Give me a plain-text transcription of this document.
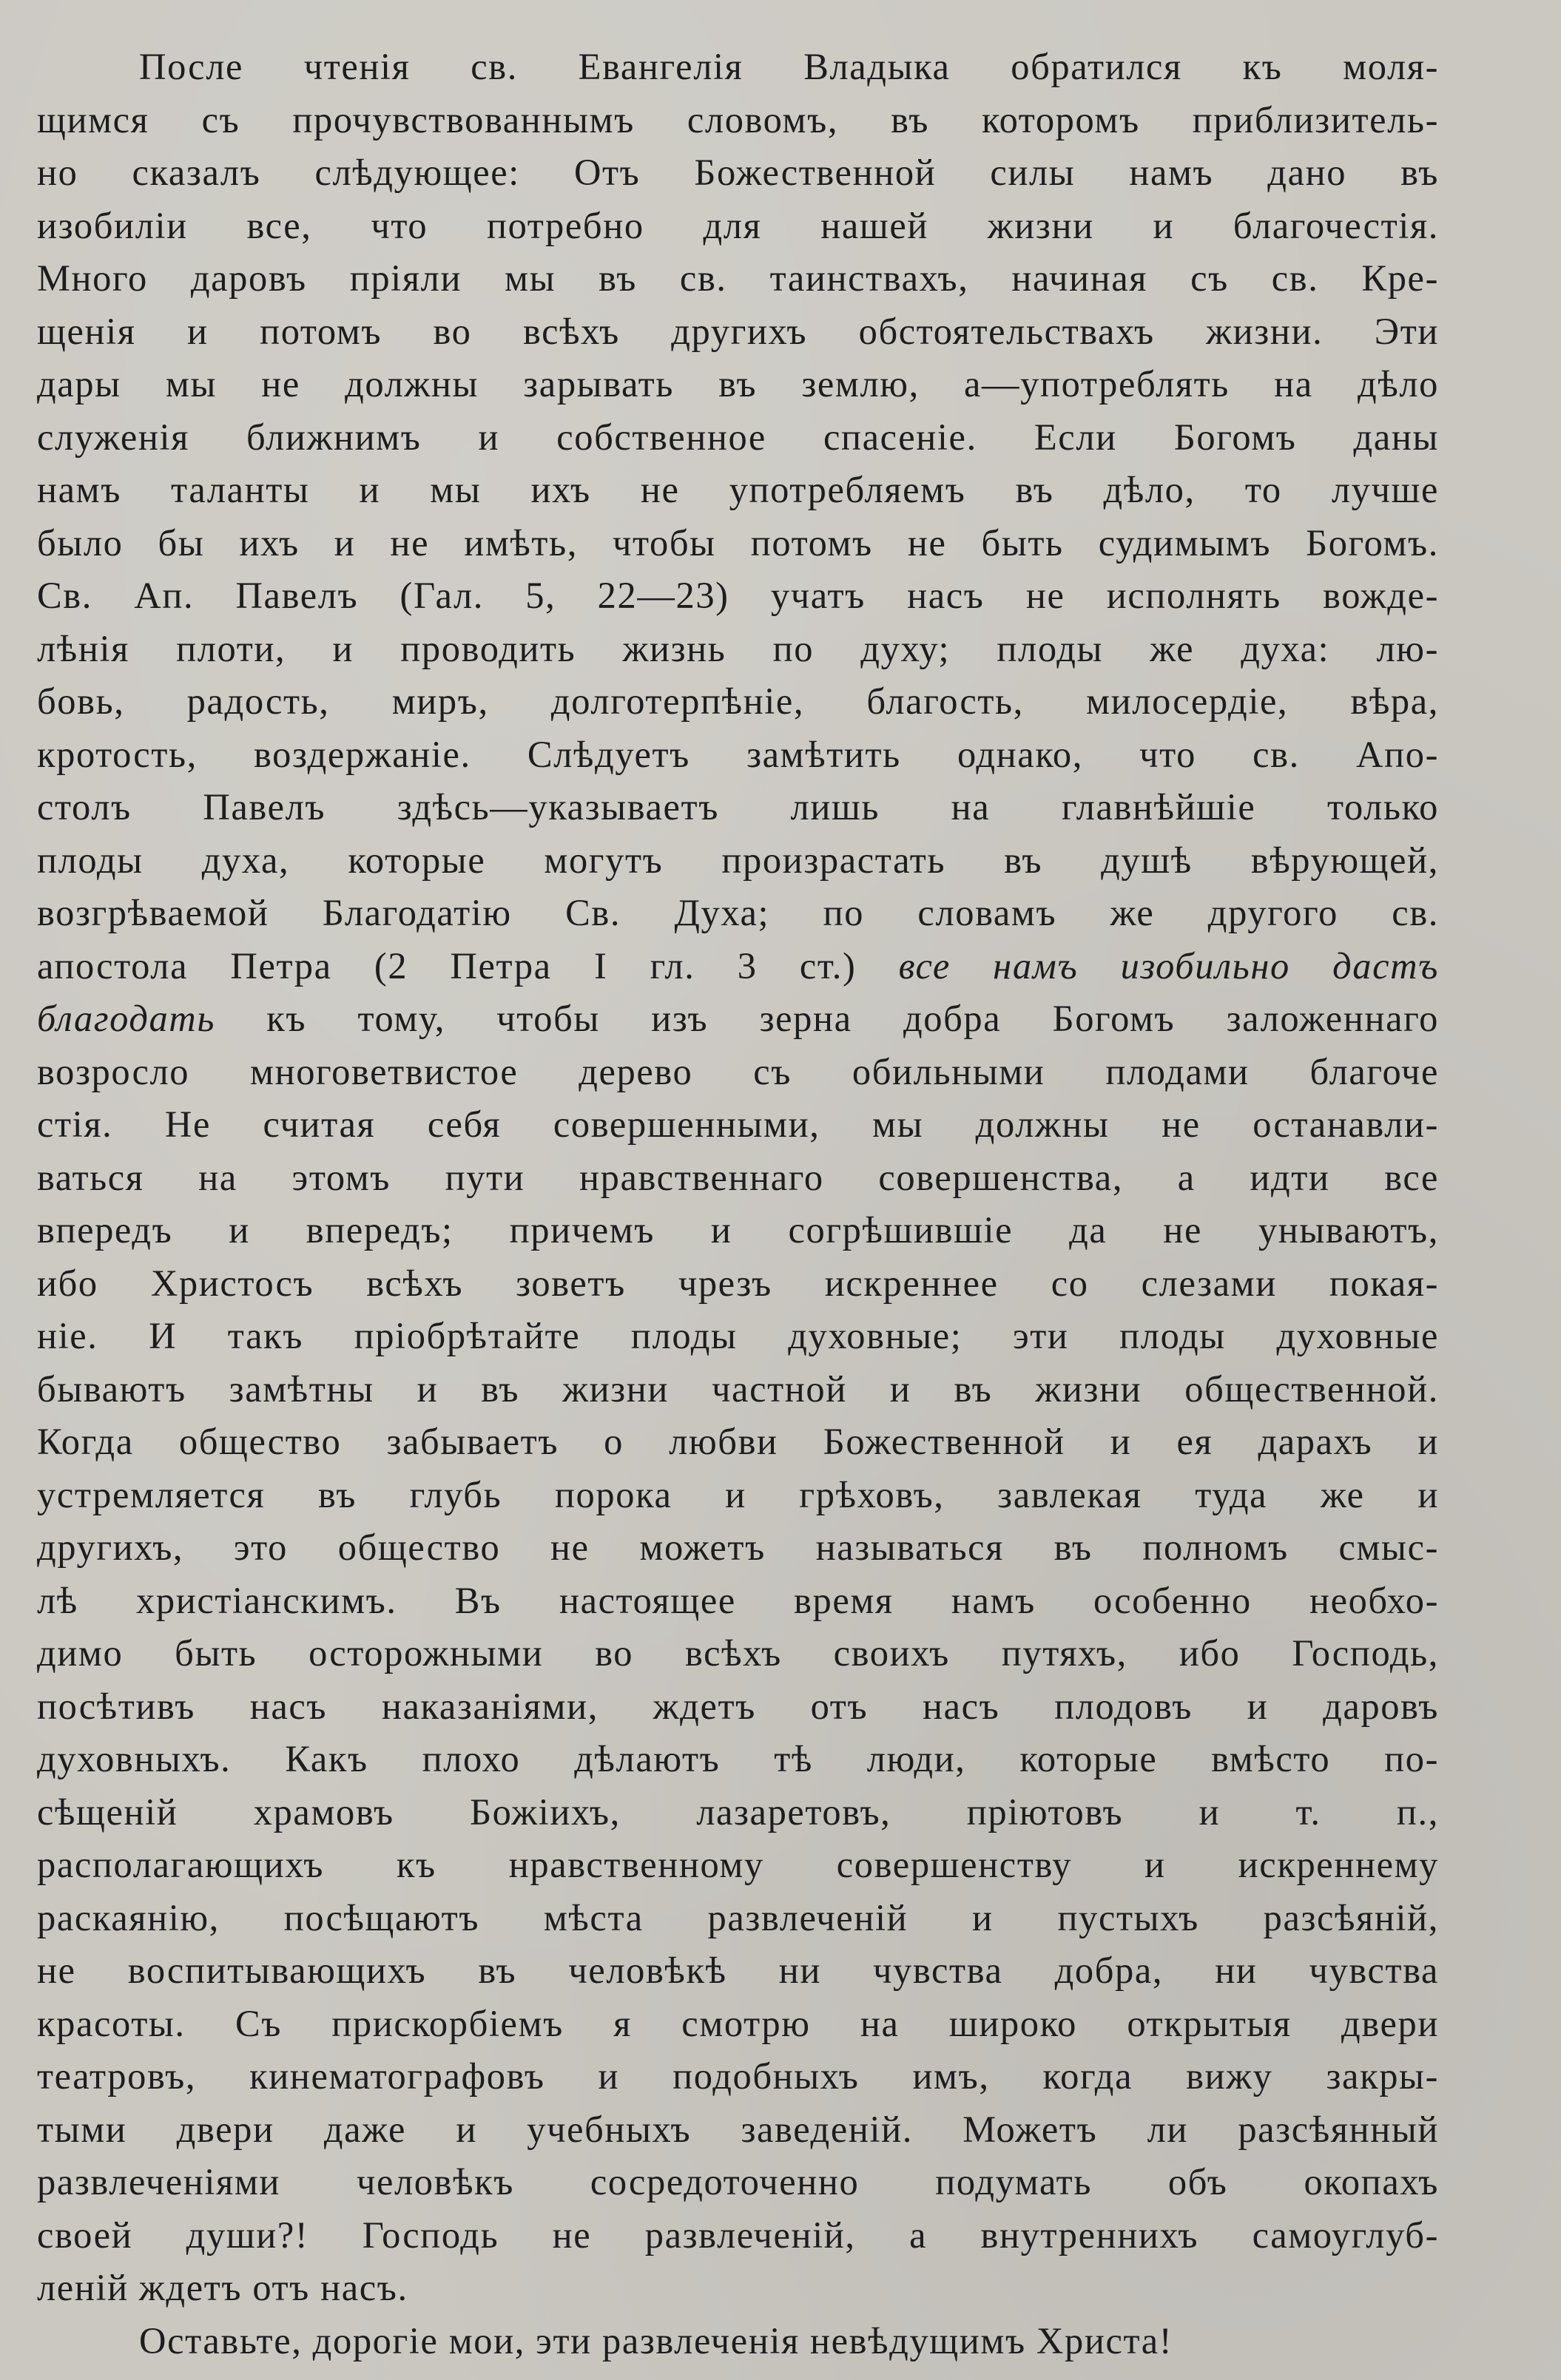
После чтенія св. Евангелія Владыка обратился къ моля-
щимся съ прочувствованнымъ словомъ, въ которомъ приблизитель-
но сказалъ слѣдующее: Отъ Божественной силы намъ дано въ
изобиліи все, что потребно для нашей жизни и благочестія.
Много даровъ пріяли мы въ св. таинствахъ, начиная съ св. Кре-
щенія и потомъ во всѣхъ другихъ обстоятельствахъ жизни. Эти
дары мы не должны зарывать въ землю, а—употреблять на дѣло
служенія ближнимъ и собственное спасеніе. Если Богомъ даны
намъ таланты и мы ихъ не употребляемъ въ дѣло, то лучше
было бы ихъ и не имѣть, чтобы потомъ не быть судимымъ Богомъ.
Св. Ап. Павелъ (Гал. 5, 22—23) учатъ насъ не исполнять вожде-
лѣнія плоти, и проводить жизнь по духу; плоды же духа: лю-
бовь, радость, миръ, долготерпѣніе, благость, милосердіе, вѣра,
кротость, воздержаніе. Слѣдуетъ замѣтить однако, что св. Апо-
столъ Павелъ здѣсь—указываетъ лишь на главнѣйшіе только
плоды духа, которые могутъ произрастать въ душѣ вѣрующей,
возгрѣваемой Благодатію Св. Духа; по словамъ же другого св.
апостола Петра (2 Петра I гл. 3 ст.) все намъ изобильно дастъ
благодать къ тому, чтобы изъ зерна добра Богомъ заложеннаго
возросло многоветвистое дерево съ обильными плодами благоче
стія. Не считая себя совершенными, мы должны не останавли-
ваться на этомъ пути нравственнаго совершенства, а идти все
впередъ и впередъ; причемъ и согрѣшившіе да не унываютъ,
ибо Христосъ всѣхъ зоветъ чрезъ искреннее со слезами покая-
ніе. И такъ пріобрѣтайте плоды духовные; эти плоды духовные
бываютъ замѣтны и въ жизни частной и въ жизни общественной.
Когда общество забываетъ о любви Божественной и ея дарахъ и
устремляется въ глубь порока и грѣховъ, завлекая туда же и
другихъ, это общество не можетъ называться въ полномъ смыс-
лѣ христіанскимъ. Въ настоящее время намъ особенно необхо-
димо быть осторожными во всѣхъ своихъ путяхъ, ибо Господь,
посѣтивъ насъ наказаніями, ждетъ отъ насъ плодовъ и даровъ
духовныхъ. Какъ плохо дѣлаютъ тѣ люди, которые вмѣсто по-
сѣщеній храмовъ Божіихъ, лазаретовъ, пріютовъ и т. п.,
располагающихъ къ нравственному совершенству и искреннему
раскаянію, посѣщаютъ мѣста развлеченій и пустыхъ разсѣяній,
не воспитывающихъ въ человѣкѣ ни чувства добра, ни чувства
красоты. Съ прискорбіемъ я смотрю на широко открытыя двери
театровъ, кинематографовъ и подобныхъ имъ, когда вижу закры-
тыми двери даже и учебныхъ заведеній. Можетъ ли разсѣянный
развлеченіями человѣкъ сосредоточенно подумать объ окопахъ
своей души?! Господь не развлеченій, а внутреннихъ самоуглуб-
леній ждетъ отъ насъ.
Оставьте, дорогіе мои, эти развлеченія невѣдущимъ Христа!
